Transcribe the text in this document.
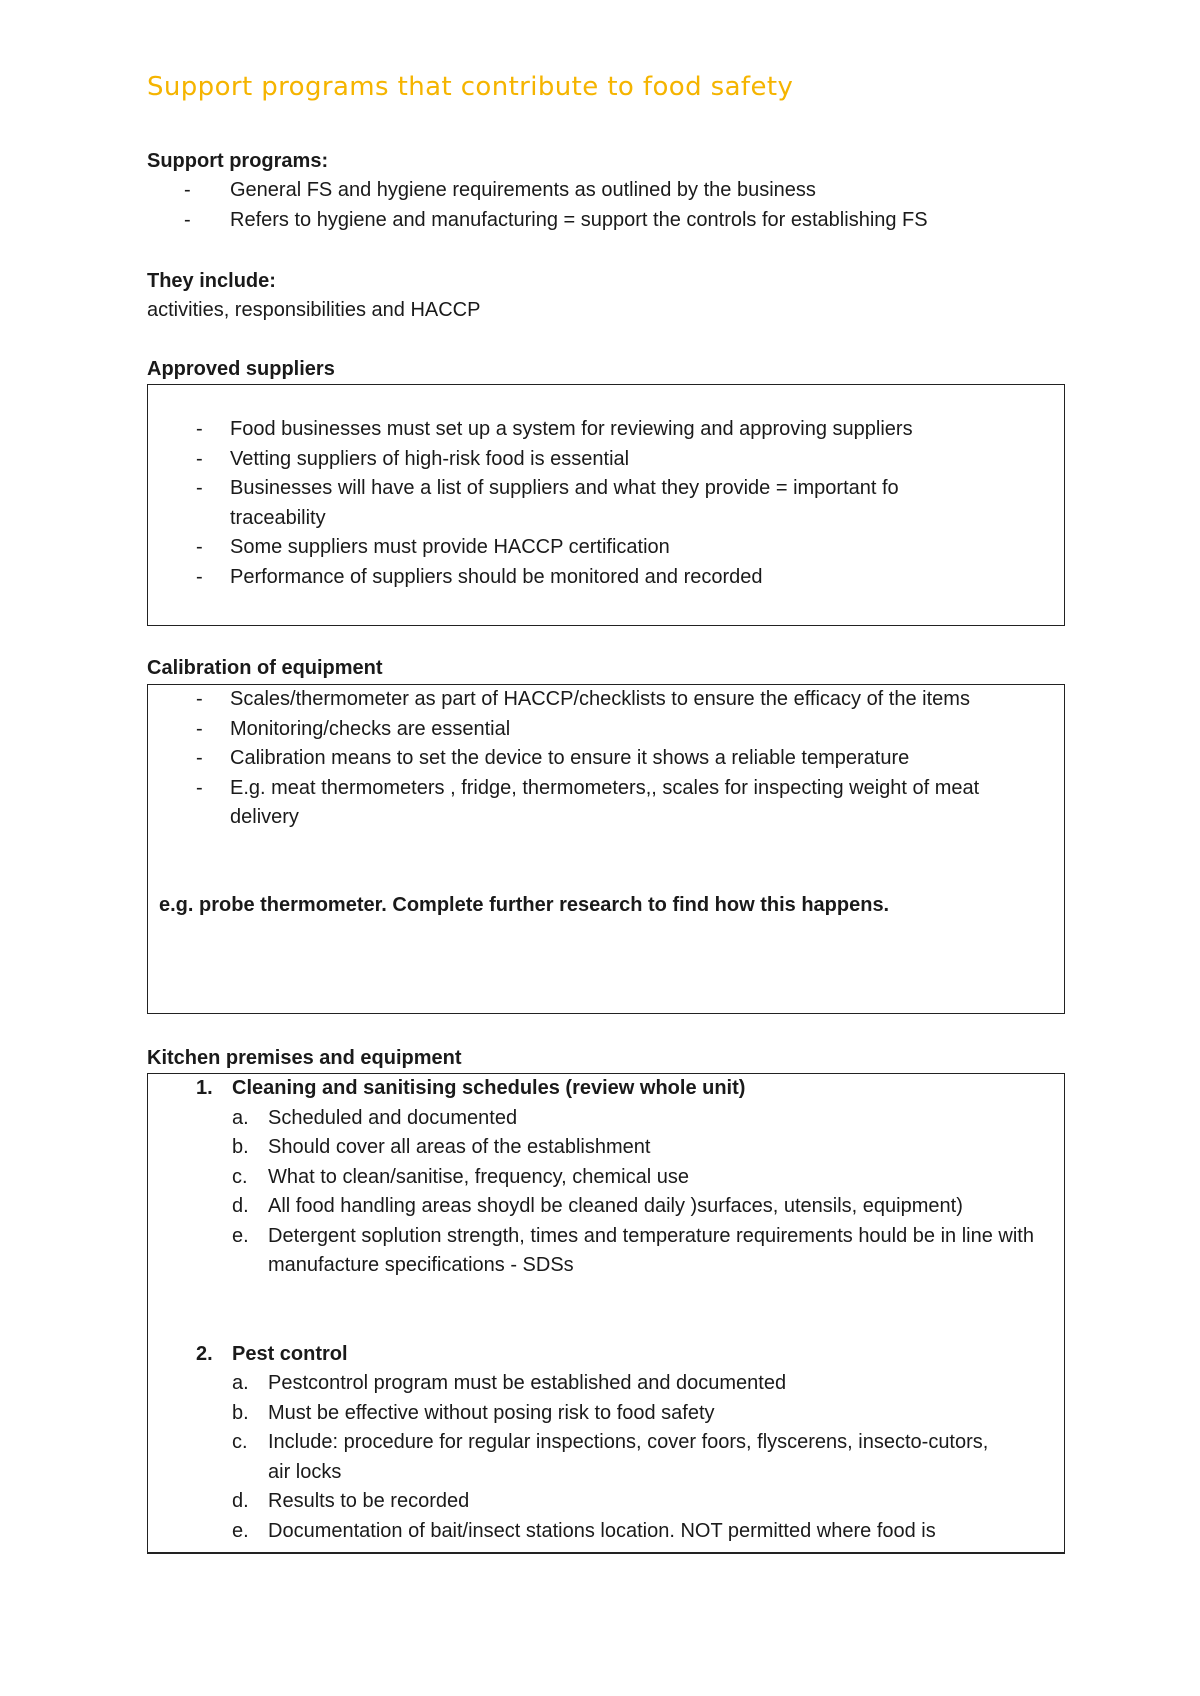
Support programs that contribute to food safety
Support programs:
- General FS and hygiene requirements as outlined by the business
- Refers to hygiene and manufacturing = support the controls for establishing FS
They include:
activities, responsibilities and HACCP
Approved suppliers
- Food businesses must set up a system for reviewing and approving suppliers
- Vetting suppliers of high-risk food is essential
- Businesses will have a list of suppliers and what they provide = important fo traceability
- Some suppliers must provide HACCP certification
- Performance of suppliers should be monitored and recorded
Calibration of equipment
- Scales/thermometer as part of HACCP/checklists to ensure the efficacy of the items
- Monitoring/checks are essential
- Calibration means to set the device to ensure it shows a reliable temperature
- E.g. meat thermometers , fridge, thermometers,, scales for inspecting weight of meat delivery
e.g. probe thermometer. Complete further research to find how this happens.
Kitchen premises and equipment
1. Cleaning and sanitising schedules (review whole unit)
a. Scheduled and documented
b. Should cover all areas of the establishment
c. What to clean/sanitise, frequency, chemical use
d. All food handling areas shoydl be cleaned daily )surfaces, utensils, equipment)
e. Detergent soplution strength, times and temperature requirements hould be in line with manufacture specifications - SDSs
2. Pest control
a. Pestcontrol program must be established and documented
b. Must be effective without posing risk to food safety
c. Include: procedure for regular inspections, cover foors, flyscerens, insecto-cutors, air locks
d. Results to be recorded
e. Documentation of bait/insect stations location. NOT permitted where food is
